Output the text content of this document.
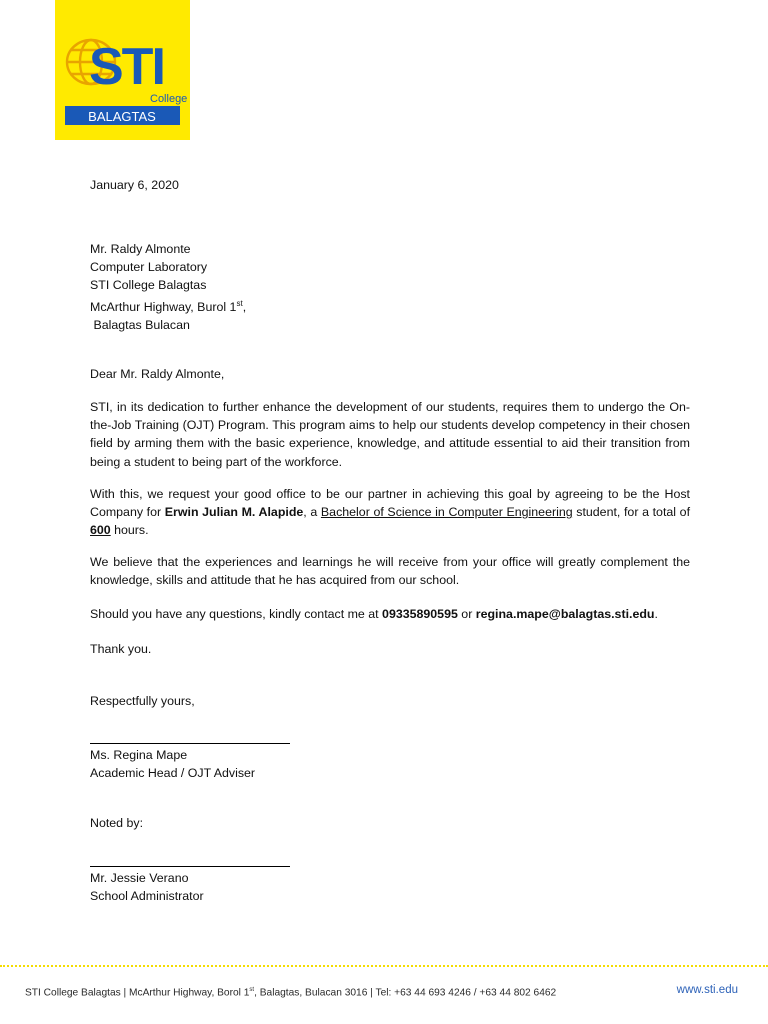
STI
College
BALAGTAS

January 6, 2020

Mr. Raldy Almonte

Computer Laboratory

STI College Balagtas

McArthur Highway, Burol 1st,

Balagtas Bulacan

Dear Mr. Raldy Almonte,

STI, in its dedication to further enhance the development of our students, requires them to undergo the On-the-Job Training (OJT) Program. This program aims to help our students develop competency in their chosen field by arming them with the basic experience, knowledge, and attitude essential to aid their transition from being a student to being part of the workforce.

With this, we request your good office to be our partner in achieving this goal by agreeing to be the Host Company for Erwin Julian M. Alapide, a Bachelor of Science in Computer Engineering student, for a total of 600 hours.

We believe that the experiences and learnings he will receive from your office will greatly complement the knowledge, skills and attitude that he has acquired from our school.

Should you have any questions, kindly contact me at 09335890595 or regina.mape@balagtas.sti.edu.

Thank you.

Respectfully yours,

Ms. Regina Mape

Academic Head / OJT Adviser

Noted by:

Mr. Jessie Verano

School Administrator

STI College Balagtas | McArthur Highway, Borol 1st, Balagtas, Bulacan 3016 | Tel: +63 44 693 4246 / +63 44 802 6462	www.sti.edu
